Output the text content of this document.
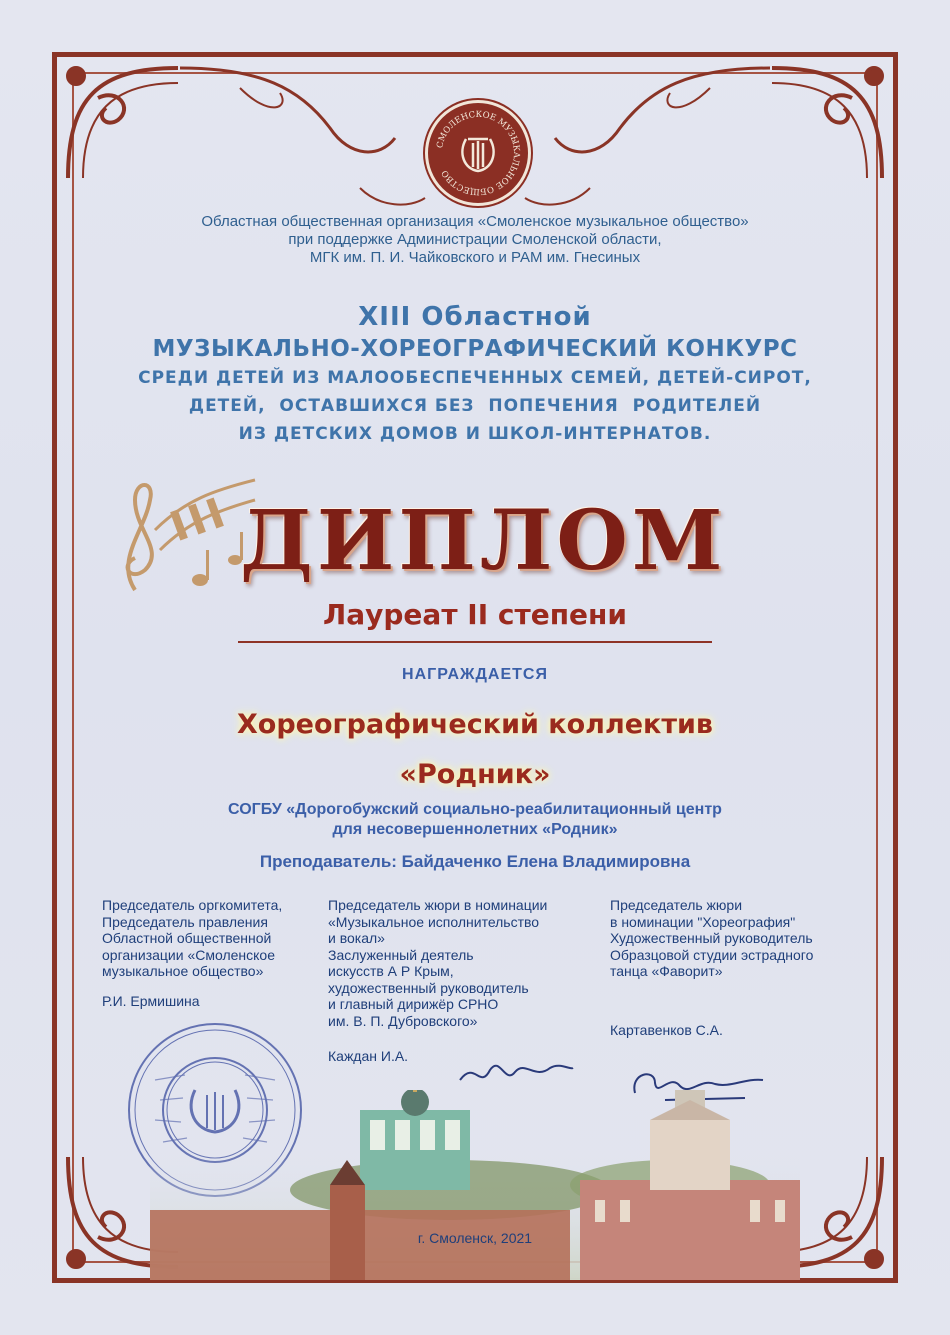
СМОЛЕНСКОЕ МУЗЫКАЛЬНОЕ ОБЩЕСТВО
Областная общественная организация «Смоленское музыкальное общество»
при поддержке Администрации Смоленской области,
МГК им. П. И. Чайковского и РАМ им. Гнесиных
XIII Областной
МУЗЫКАЛЬНО-ХОРЕОГРАФИЧЕСКИЙ КОНКУРС
СРЕДИ ДЕТЕЙ ИЗ МАЛООБЕСПЕЧЕННЫХ СЕМЕЙ, ДЕТЕЙ-СИРОТ,
ДЕТЕЙ,  ОСТАВШИХСЯ БЕЗ  ПОПЕЧЕНИЯ  РОДИТЕЛЕЙ
ИЗ ДЕТСКИХ ДОМОВ И ШКОЛ-ИНТЕРНАТОВ.
ДИПЛОМ
Лауреат II степени
НАГРАЖДАЕТСЯ
Хореографический коллектив
«Родник»
СОГБУ «Дорогобужский социально-реабилитационный центр
для несовершеннолетних «Родник»
Преподаватель: Байдаченко Елена Владимировна
Председатель оргкомитета,
Председатель правления
Областной общественной
организации «Смоленское
музыкальное общество»
Председатель жюри в номинации
«Музыкальное исполнительство
и вокал»
Заслуженный деятель
искусств А Р Крым,
художественный руководитель
и главный дирижёр СРНО
им. В. П. Дубровского»
Председатель жюри
в номинации "Хореография"
Художественный руководитель
Образцовой студии эстрадного
танца «Фаворит»
Р.И. Ермишина
Каждан И.А.
Картавенков С.А.
г. Смоленск, 2021
